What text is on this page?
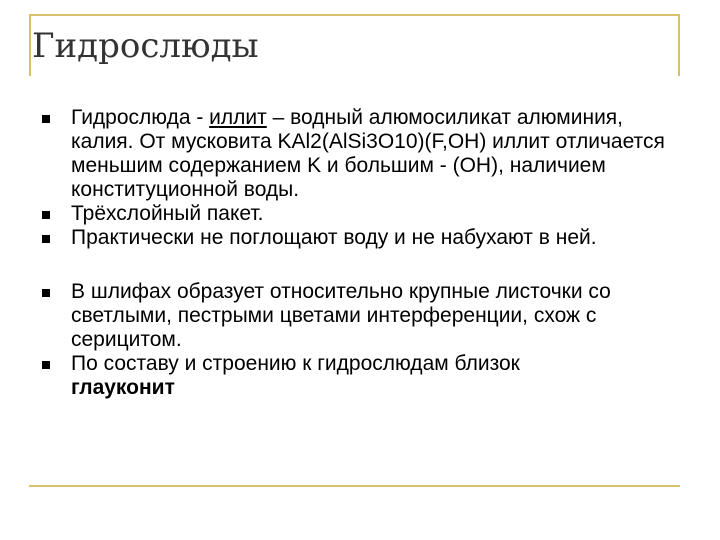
Гидрослюды
Гидрослюда - иллит – водный алюмосиликат алюминия, калия. От мусковита KAl2(AlSi3O10)(F,OH) иллит отличается меньшим содержанием K и большим - (OH), наличием конституционной воды.
Трёхслойный пакет.
Практически не поглощают воду и не набухают в ней.
В шлифах образует относительно крупные листочки со светлыми, пестрыми цветами интерференции, схож с серицитом.
По составу и строению к гидрослюдам близок
глауконит
